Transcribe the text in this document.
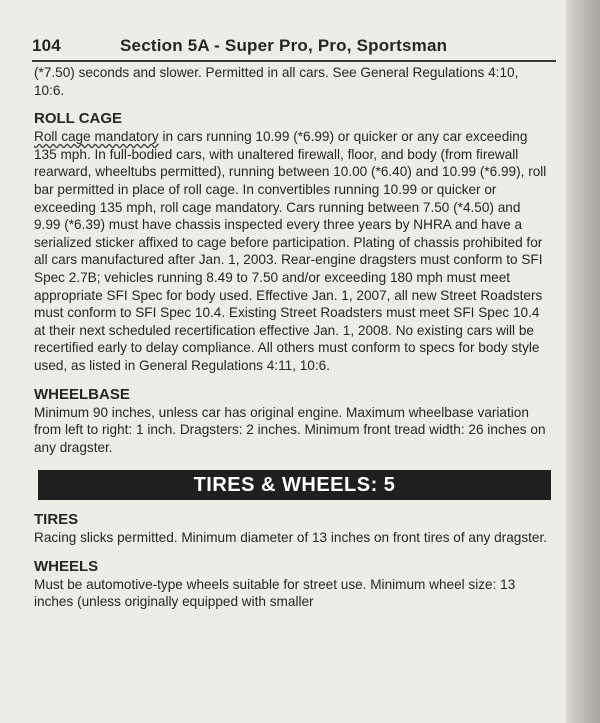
104	Section 5A - Super Pro, Pro, Sportsman

(*7.50) seconds and slower. Permitted in all cars. See General Regulations 4:10, 10:6.

ROLL CAGE

Roll cage mandatory in cars running 10.99 (*6.99) or quicker or any car exceeding 135 mph. In full-bodied cars, with unaltered firewall, floor, and body (from firewall rearward, wheeltubs permitted), running between 10.00 (*6.40) and 10.99 (*6.99), roll bar permitted in place of roll cage. In convertibles running 10.99 or quicker or exceeding 135 mph, roll cage mandatory. Cars running between 7.50 (*4.50) and 9.99 (*6.39) must have chassis inspected every three years by NHRA and have a serialized sticker affixed to cage before participation. Plating of chassis prohibited for all cars manufactured after Jan. 1, 2003. Rear-engine dragsters must conform to SFI Spec 2.7B; vehicles running 8.49 to 7.50 and/or exceeding 180 mph must meet appropriate SFI Spec for body used. Effective Jan. 1, 2007, all new Street Roadsters must conform to SFI Spec 10.4. Existing Street Roadsters must meet SFI Spec 10.4 at their next scheduled recertification effective Jan. 1, 2008. No existing cars will be recertified early to delay compliance. All others must conform to specs for body style used, as listed in General Regulations 4:11, 10:6.

WHEELBASE

Minimum 90 inches, unless car has original engine. Maximum wheelbase variation from left to right: 1 inch. Dragsters: 2 inches. Minimum front tread width: 26 inches on any dragster.

TIRES & WHEELS: 5
TIRES

Racing slicks permitted. Minimum diameter of 13 inches on front tires of any dragster.

WHEELS

Must be automotive-type wheels suitable for street use. Minimum wheel size: 13 inches (unless originally equipped with smaller
